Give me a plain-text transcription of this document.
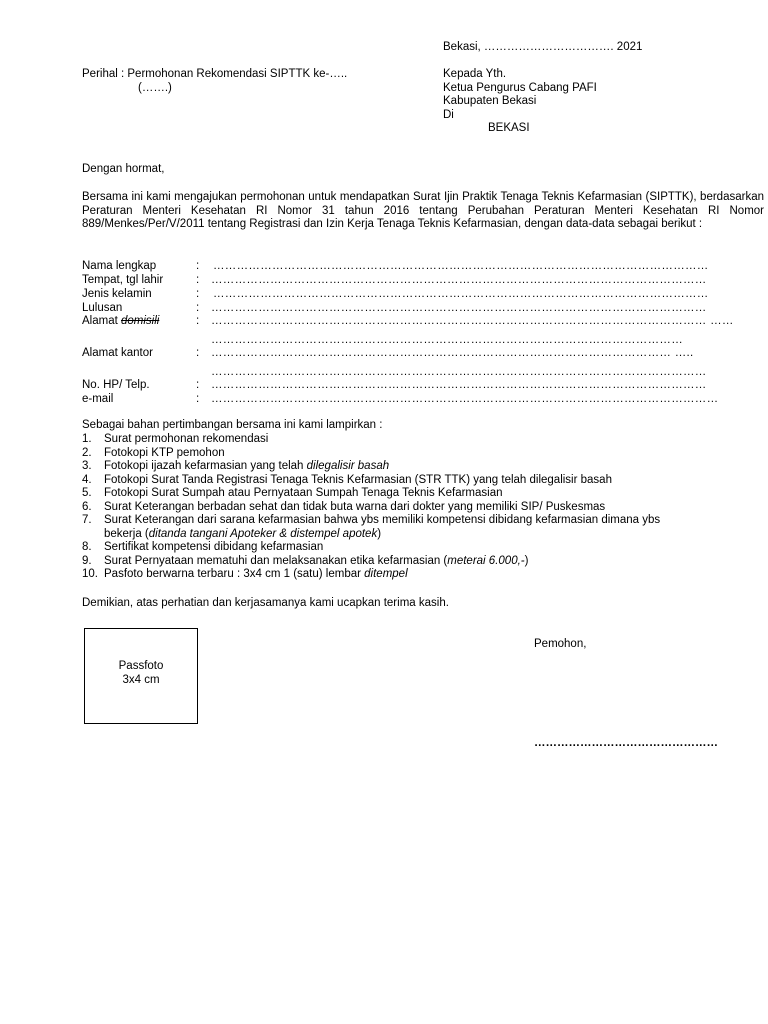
Bekasi, ……………………………. 2021
Kepada Yth.
Ketua Pengurus Cabang PAFI
Kabupaten Bekasi
Di
BEKASI
Perihal : Permohonan Rekomendasi SIPTTK ke-…..
(…….)
Dengan hormat,
Bersama ini kami mengajukan permohonan untuk mendapatkan Surat Ijin Praktik Tenaga Teknis Kefarmasian (SIPTTK), berdasarkan Peraturan Menteri Kesehatan RI Nomor 31 tahun 2016 tentang Perubahan Peraturan Menteri Kesehatan RI Nomor 889/Menkes/Per/V/2011 tentang Registrasi dan Izin Kerja Tenaga Teknis Kefarmasian, dengan data-data sebagai berikut :
Nama lengkap	: ………………………………………………………………………………………………………………
Tempat, tgl lahir	: ………………………………………………………………………………………………………………
Jenis kelamin	: ………………………………………………………………………………………………………………
Lulusan	: ………………………………………………………………………………………………………………
Alamat domisili	: ……………………………………………………………………………………………………………… ……
…………………………………………………………………………………………………………
Alamat kantor	: ……………………………………………………………………………………………………… …..
………………………………………………………………………………………………………………
No. HP/ Telp.	: ………………………………………………………………………………………………………………
e-mail	: …………………………………………………………………………………………………………………
Sebagai bahan pertimbangan bersama ini kami lampirkan :
1. Surat permohonan rekomendasi
2. Fotokopi KTP pemohon
3. Fotokopi ijazah kefarmasian yang telah dilegalisir basah
4. Fotokopi Surat Tanda Registrasi Tenaga Teknis Kefarmasian (STR TTK) yang telah dilegalisir basah
5. Fotokopi Surat Sumpah atau Pernyataan Sumpah Tenaga Teknis Kefarmasian
6. Surat Keterangan berbadan sehat dan tidak buta warna dari dokter yang memiliki SIP/ Puskesmas
7. Surat Keterangan dari sarana kefarmasian bahwa ybs memiliki kompetensi dibidang kefarmasian dimana ybs
bekerja (ditanda tangani Apoteker & distempel apotek)
8. Sertifikat kompetensi dibidang kefarmasian
9. Surat Pernyataan mematuhi dan melaksanakan etika kefarmasian (meterai 6.000,-)
10. Pasfoto berwarna terbaru : 3x4 cm 1 (satu) lembar ditempel
Demikian, atas perhatian dan kerjasamanya kami ucapkan terima kasih.
Passfoto
3x4 cm
Pemohon,
…………………………………………
